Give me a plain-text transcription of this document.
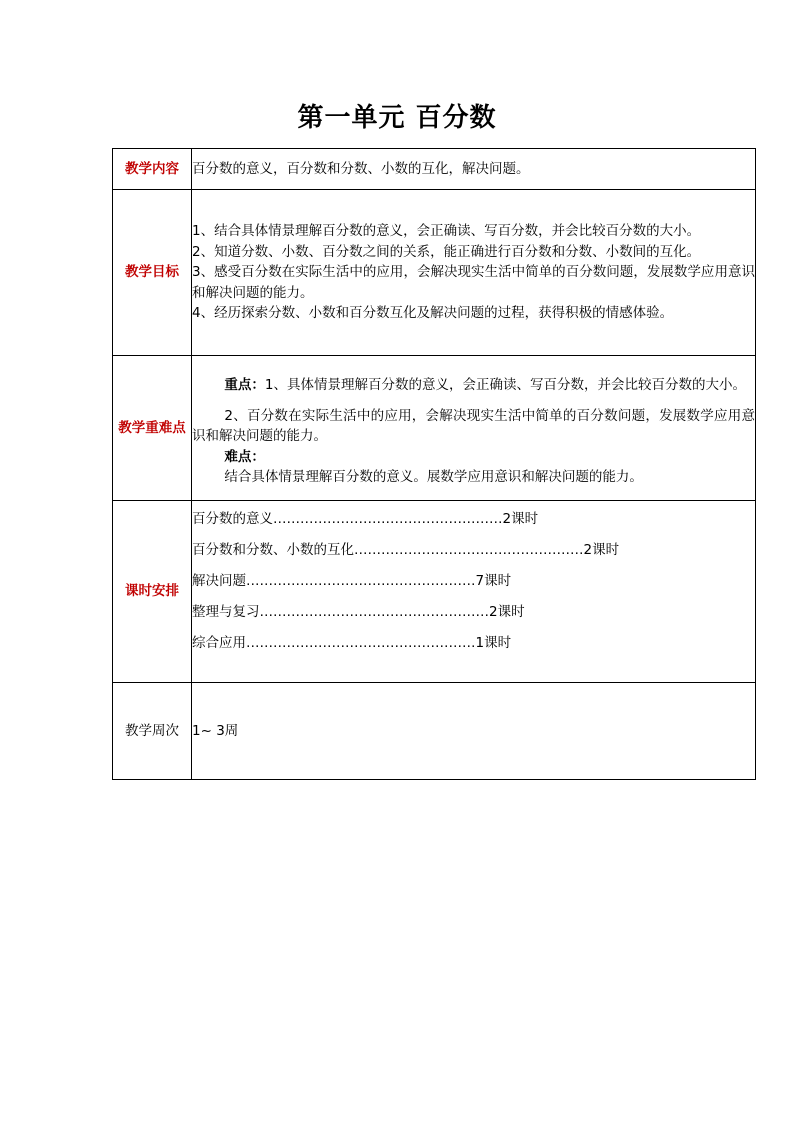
第一单元 百分数
教学内容	百分数的意义，百分数和分数、小数的互化，解决问题。
教学目标	1、结合具体情景理解百分数的意义，会正确读、写百分数，并会比较百分数的大小。
2、知道分数、小数、百分数之间的关系，能正确进行百分数和分数、小数间的互化。
3、感受百分数在实际生活中的应用，会解决现实生活中简单的百分数问题，发展数学应用意识和解决问题的能力。
4、经历探索分数、小数和百分数互化及解决问题的过程，获得积极的情感体验。

教学重难点	重点：1、具体情景理解百分数的意义，会正确读、写百分数，并会比较百分数的大小。

2、百分数在实际生活中的应用，会解决现实生活中简单的百分数问题，发展数学应用意识和解决问题的能力。

难点：

结合具体情景理解百分数的意义。展数学应用意识和解决问题的能力。

课时安排	百分数的意义……………………………………………2课时
百分数和分数、小数的互化……………………………………………2课时
解决问题……………………………………………7课时
整理与复习……………………………………………2课时
综合应用……………………………………………1课时

教学周次	1~ 3周
